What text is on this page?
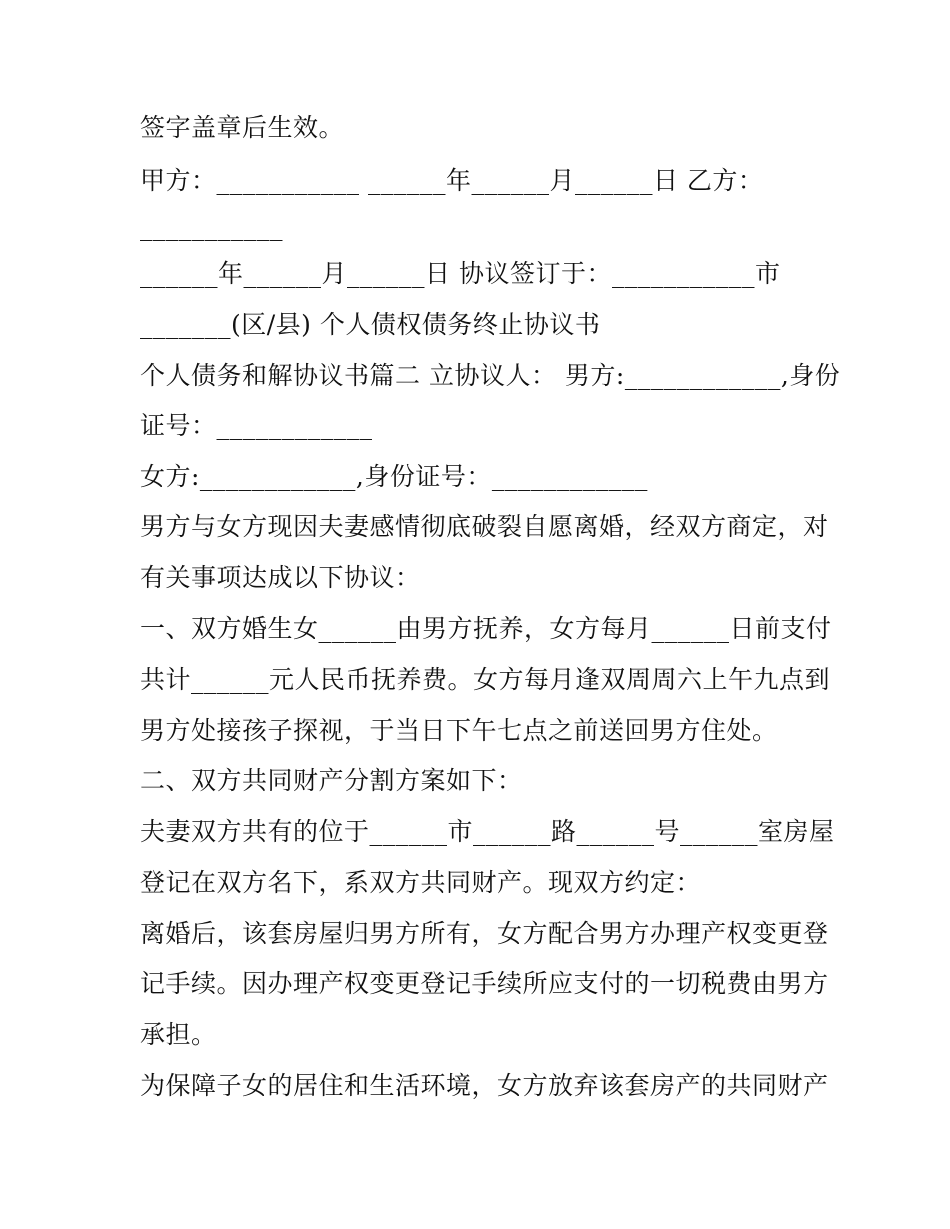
签字盖章后生效。

甲方：___________ ______年______月______日 乙方：

___________

______年______月______日 协议签订于：___________市

_______(区/县) 个人债权债务终止协议书

个人债务和解协议书篇二 立协议人： 男方:____________,身份

证号：____________

女方:____________,身份证号：____________

男方与女方现因夫妻感情彻底破裂自愿离婚，经双方商定，对

有关事项达成以下协议：

一、双方婚生女______由男方抚养，女方每月______日前支付

共计______元人民币抚养费。女方每月逢双周周六上午九点到

男方处接孩子探视，于当日下午七点之前送回男方住处。

二、双方共同财产分割方案如下：

夫妻双方共有的位于______市______路______号______室房屋

登记在双方名下，系双方共同财产。现双方约定：

离婚后，该套房屋归男方所有，女方配合男方办理产权变更登

记手续。因办理产权变更登记手续所应支付的一切税费由男方

承担。

为保障子女的居住和生活环境，女方放弃该套房产的共同财产
